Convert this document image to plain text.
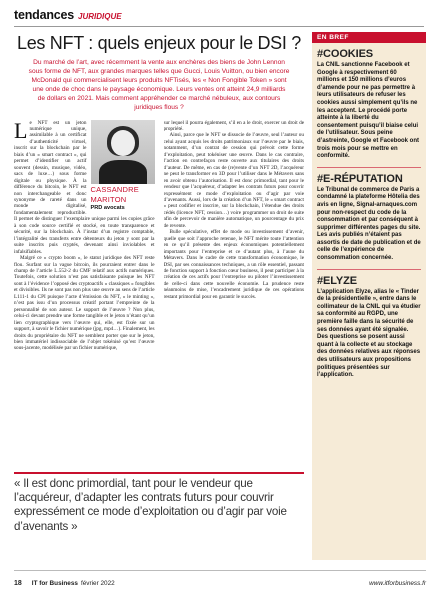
tendances JURIDIQUE
Les NFT : quels enjeux pour le DSI ?

Du marché de l’art, avec récemment la vente aux enchères des biens de John Lennon sous forme de NFT, aux grandes marques telles que Gucci, Louis Vuitton, ou bien encore McDonald qui commercialisent leurs produits NFTisés, les « Non Fongible Token » sont une onde de choc dans le paysage économique. Leurs ventes ont atteint 24,9 milliards de dollars en 2021. Mais comment appréhender ce marché nébuleux, aux contours juridiques flous ?

CASSANDRE
MARITON
PRD avocats

Le NFT est un jeton numérique unique, assimilable à un certificat d’authenticité virtuel, inscrit sur la blockchain par le biais d’un « smart contract », qui permet d’identifier un actif souvent (dessin, musique, vidéo, sacs de luxe…) sous forme digitale ou physique. À la différence du bitcoin, le NFT est non interchangeable et donc synonyme de rareté dans un monde digitalisé, fondamentalement reproductible. Il permet de distinguer l’exemplaire unique parmi les copies grâce à son code source certifié et stocké, en toute transparence et sécurité, sur la blockchain. À l’instar d’un registre comptable, l’intégralité des transferts entre détenteurs du jeton y sont par la suite inscrits puis cryptés, devenant ainsi inviolables et infalsifiables.

Malgré ce « crypto boom », le statut juridique des NFT reste flou. Surfant sur la vague bitcoin, ils pourraient entrer dans le champ de l’article L.552-2 du CMF relatif aux actifs numériques. Toutefois, cette solution n’est pas satisfaisante puisque les NFT sont à l’évidence l’opposé des cryptoactifs « classiques » fongibles et divisibles. Ils ne sont pas non plus une œuvre au sens de l’article L111-1 du CPI puisque l’acte d’émission du NFT, « le minting », n’est pas issu d’un processus créatif portant l’empreinte de la personnalité de son auteur. Le support de l’œuvre ? Non plus, celui-ci devant prendre une forme tangible et le jeton n’étant qu’un lien cryptographique vers l’œuvre qui, elle, est fixée sur un support, à savoir le fichier numérique (jpg, mp4…). Finalement, les droits du propriétaire du NFT ne semblent porter que sur le jeton, bien immatériel indissociable de l’objet tokénisé qu’est l’œuvre sous-jacente, modélisée par un fichier numérique,

sur lequel il pourra également, s’il en a le droit, exercer un droit de propriété.

Ainsi, parce que le NFT se dissocie de l’œuvre, seul l’auteur ou celui ayant acquis les droits patrimoniaux sur l’œuvre par le biais, notamment, d’un contrat de cession qui prévoit cette forme d’exploitation, peut tokéniser une œuvre. Dans le cas contraire, l’action en contrefaçon reste ouverte aux titulaires des droits d’auteur. De même, en cas de (re)vente d’un NFT 2D, l’acquéreur ne peut le transformer en 3D pour l’utiliser dans le Métavers sans en avoir obtenu l’autorisation. Il est donc primordial, tant pour le vendeur que l’acquéreur, d’adapter les contrats futurs pour couvrir expressément ce mode d’exploitation ou d’agir par voie d’avenants. Aussi, lors de la création d’un NFT, le « smart contract » peut codifier et inscrire, sur la blockchain, l’étendue des droits cédés (licence NFT, cession…) voire programmer un droit de suite afin de percevoir de manière automatique, un pourcentage du prix de revente.

Bulle spéculative, effet de mode ou investissement d’avenir, quelle que soit l’approche retenue, le NFT mérite toute l’attention en ce qu’il présente des enjeux économiques potentiellement importants pour l’entreprise et ce d’autant plus, à l’aune du Métavers. Dans le cadre de cette transformation économique, le DSI, par ses connaissances techniques, a un rôle essentiel, passant de fonction support à fonction cœur business, il peut participer à la création de ces actifs pour l’entreprise ou piloter l’investissement de celle-ci dans cette nouvelle économie. La prudence reste néanmoins de mise, l’encadrement juridique de ces opérations restant primordial pour en garantir le succès.

« Il est donc primordial, tant pour le vendeur que l’acquéreur, d’adapter les contrats futurs pour couvrir expressément ce mode d’exploitation ou d’agir par voie d’avenants »

EN BREF
#COOKIES

La CNIL sanctionne Facebook et Google à respectivement 60 millions et 150 millions d’euros d’amende pour ne pas permettre à leurs utilisateurs de refuser les cookies aussi simplement qu’ils ne les acceptent. Le procédé porte atteinte à la liberté du consentement puisqu’il biaise celui de l’utilisateur. Sous peine d’astreinte, Google et Facebook ont trois mois pour se mettre en conformité.

#E-RÉPUTATION

Le Tribunal de commerce de Paris a condamné la plateforme Hôtelia des avis en ligne, Signal-arnaques.com pour non-respect du code de la consommation et par conséquent à supprimer différentes pages du site. Les avis publiés n’étaient pas assortis de date de publication et de celle de l’expérience de consommation concernée.

#ELYZE

L’application Elyze, alias le « Tinder de la présidentielle », entre dans le collimateur de la CNIL qui va étudier sa conformité au RGPD, une première faille dans la sécurité de ses données ayant été signalée. Des questions se posent aussi quant à la collecte et au stockage des données relatives aux réponses des utilisateurs aux propositions politiques présentées sur l’application.

18 IT for Business février 2022	www.itforbusiness.fr
